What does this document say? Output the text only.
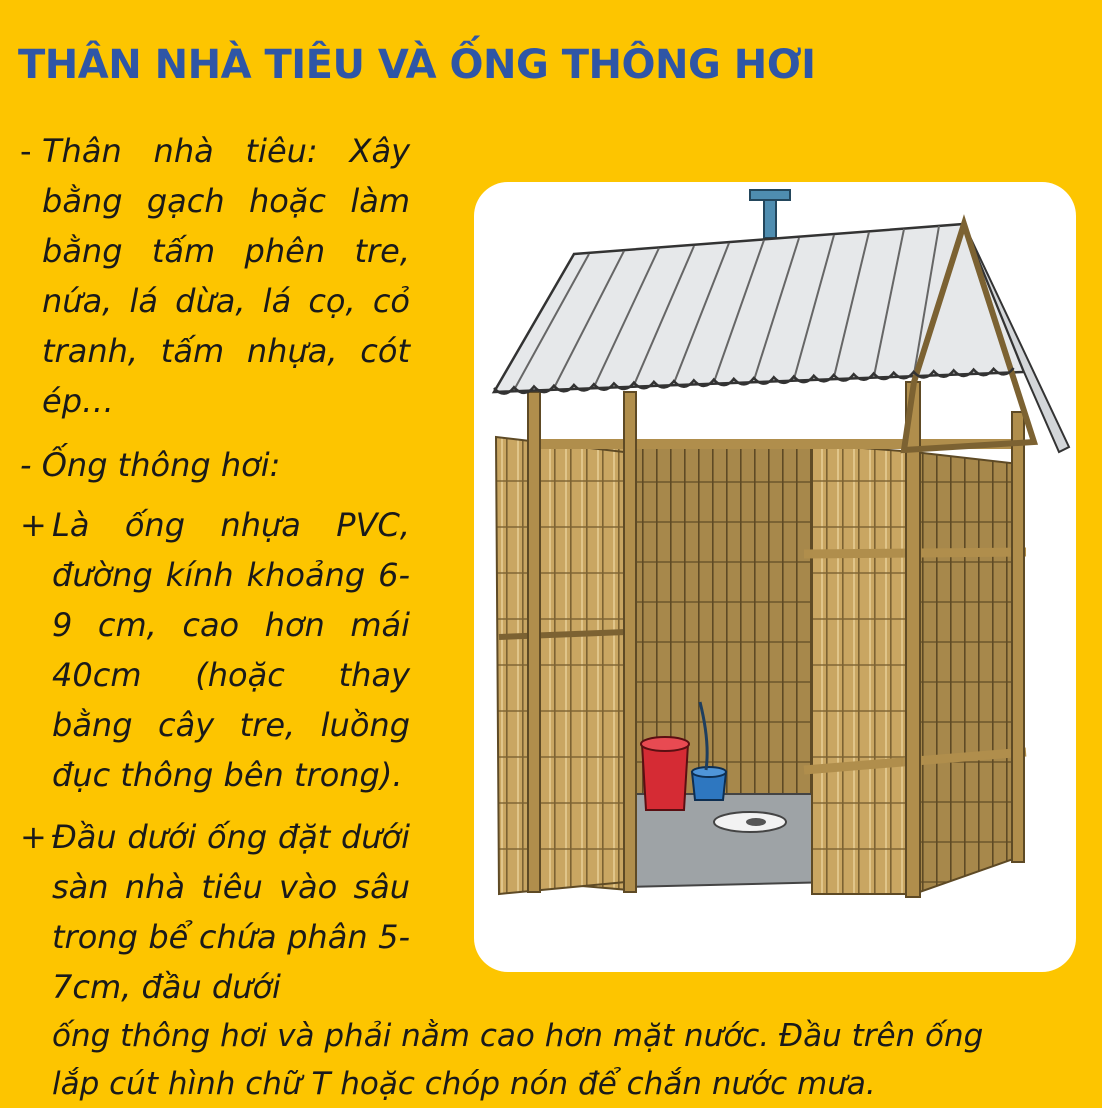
THÂN NHÀ TIÊU VÀ ỐNG THÔNG HƠI
- Thân nhà tiêu: Xây bằng gạch hoặc làm bằng tấm phên tre, nứa, lá dừa, lá cọ, cỏ tranh, tấm nhựa, cót ép…
- Ống thông hơi:
+ Là ống nhựa PVC, đường kính khoảng 6-9 cm, cao hơn mái 40cm (hoặc thay bằng cây tre, luồng đục thông bên trong).
+ Đầu dưới ống đặt dưới sàn nhà tiêu vào sâu trong bể chứa phân 5-7cm, đầu dưới
ống thông hơi và phải nằm cao hơn mặt nước. Đầu trên ống
lắp cút hình chữ T hoặc chóp nón để chắn nước mưa.
